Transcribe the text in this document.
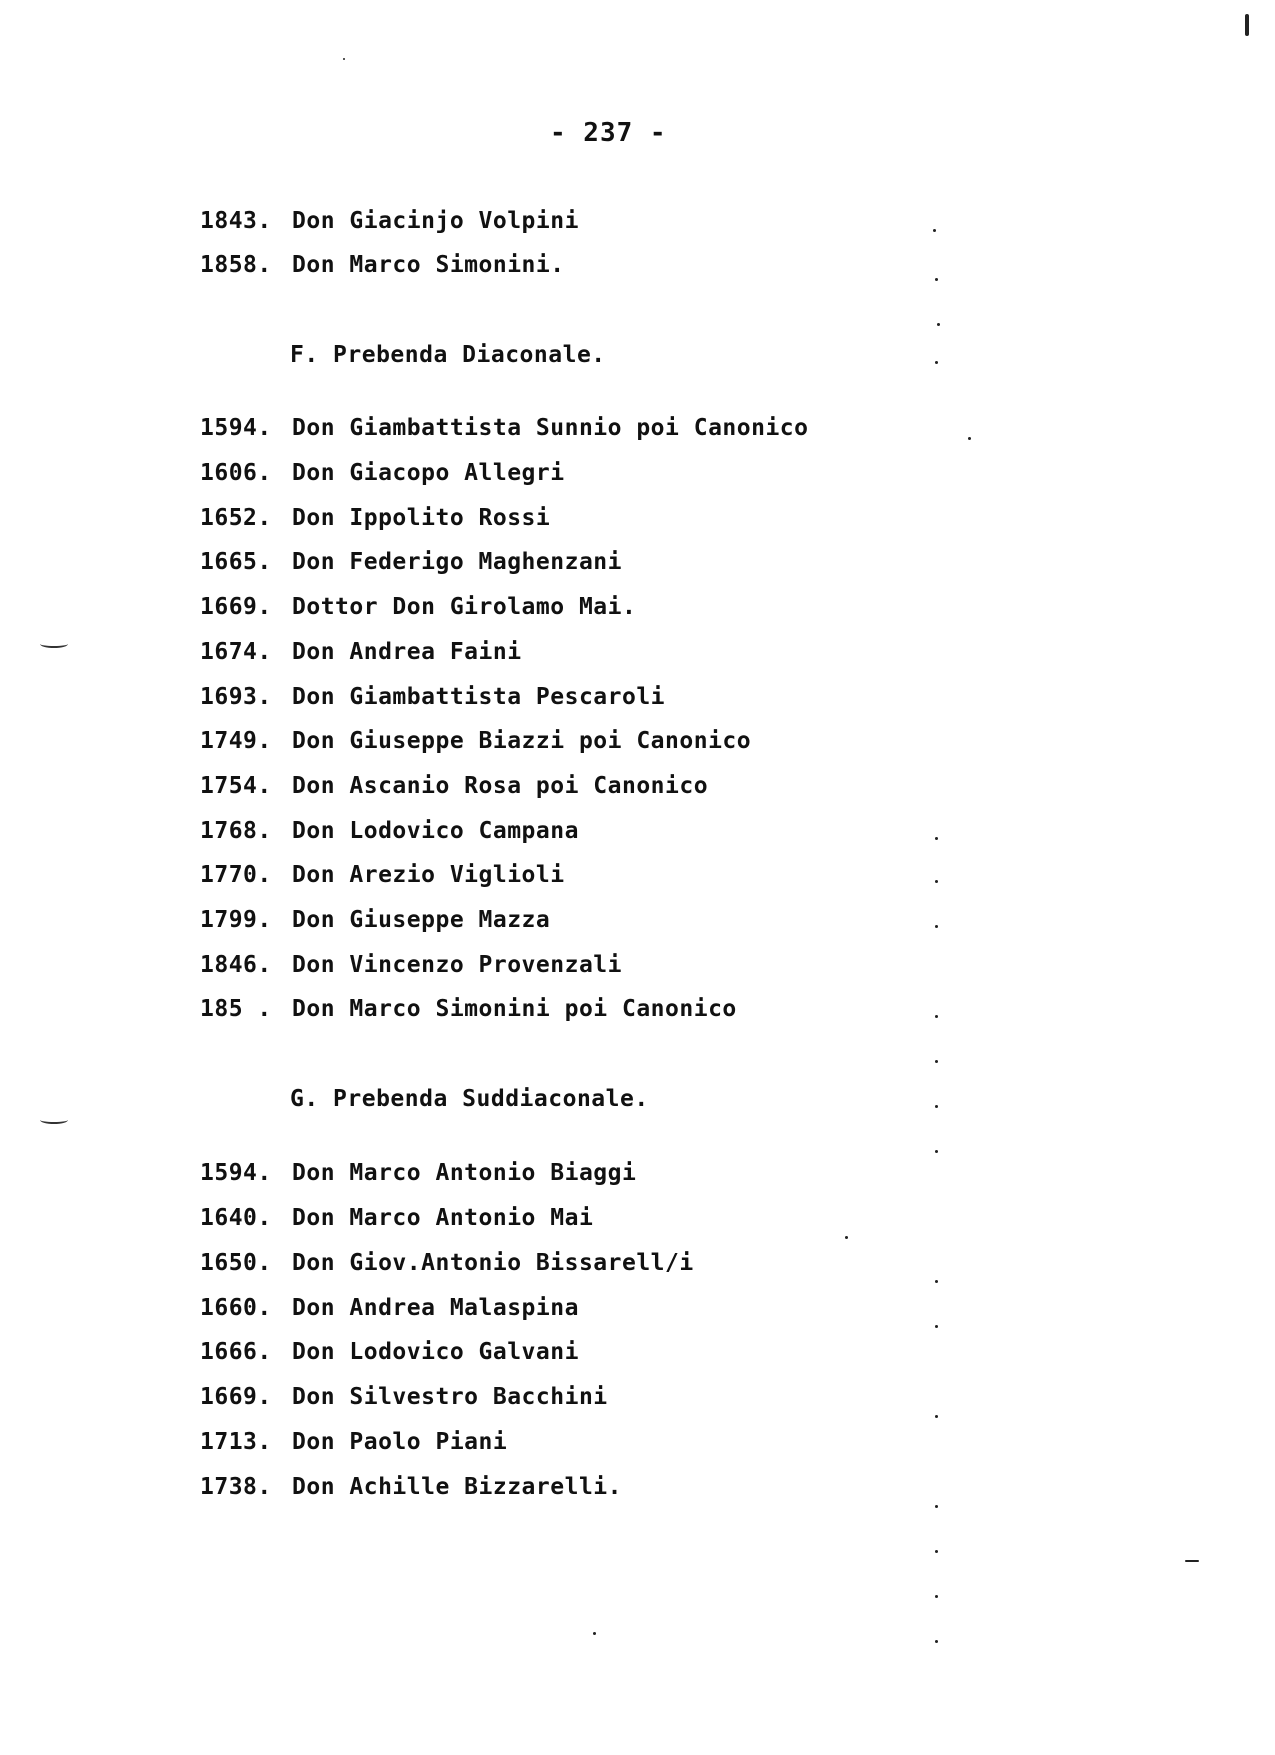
- 237 -
1843. Don Giacinjo Volpini
1858. Don Marco Simonini.
F. Prebenda Diaconale.
1594. Don Giambattista Sunnio poi Canonico
1606. Don Giacopo Allegri
1652. Don Ippolito Rossi
1665. Don Federigo Maghenzani
1669. Dottor Don Girolamo Mai.
1674. Don Andrea Faini
1693. Don Giambattista Pescaroli
1749. Don Giuseppe Biazzi poi Canonico
1754. Don Ascanio Rosa poi Canonico
1768. Don Lodovico Campana
1770. Don Arezio Viglioli
1799. Don Giuseppe Mazza
1846. Don Vincenzo Provenzali
185 . Don Marco Simonini poi Canonico
G. Prebenda Suddiaconale.
1594. Don Marco Antonio Biaggi
1640. Don Marco Antonio Mai
1650. Don Giov.Antonio Bissarell/i
1660. Don Andrea Malaspina
1666. Don Lodovico Galvani
1669. Don Silvestro Bacchini
1713. Don Paolo Piani
1738. Don Achille Bizzarelli.
